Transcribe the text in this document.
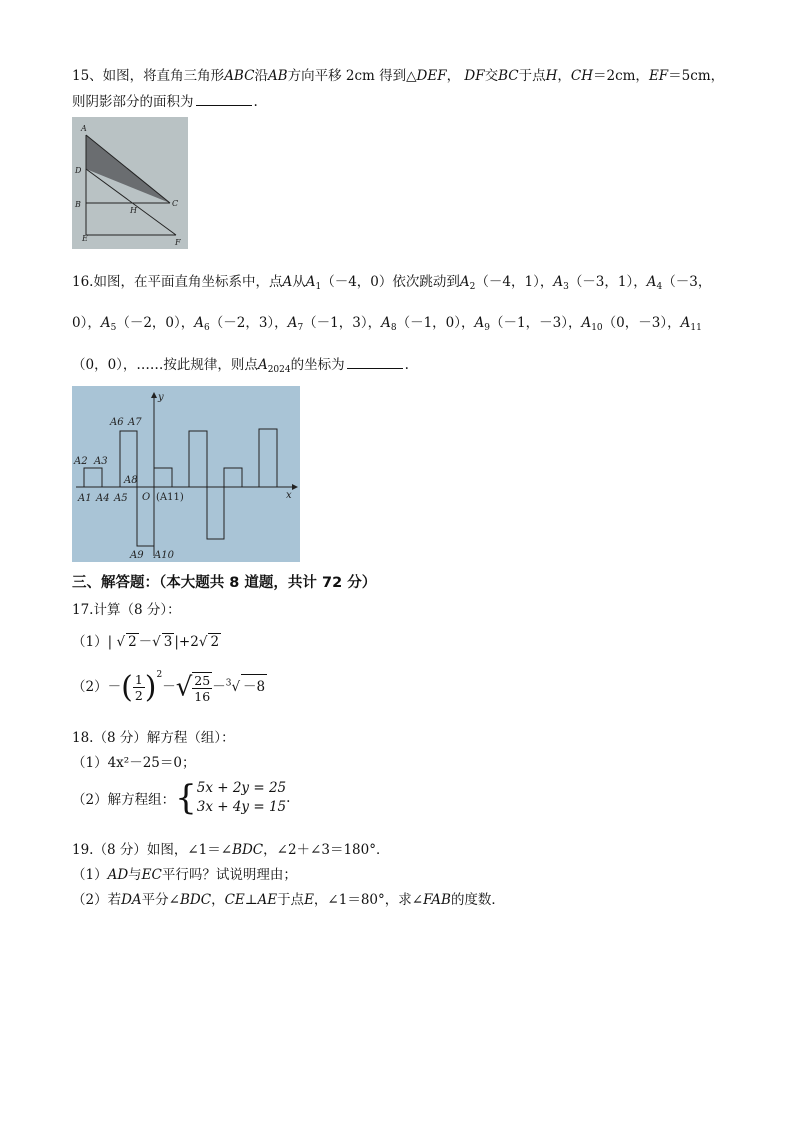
15、如图，将直角三角形ABC沿AB方向平移 2cm 得到△DEF， DF交BC于点H，CH＝2cm，EF＝5cm，
则阴影部分的面积为	.
A
D
B
E
H
C
F
16.如图，在平面直角坐标系中，点A从$A_1(-4$，0）依次跳动到$A_2(-4$，1），$A_3(-3$，1），$A_4(-3$，
0），$A_5(-2$，0），$A_6(-2$，3），$A_7(-1$，3），$A_8(-1$，0），$A_9(-1$，－3），$A_{10}(0$，－3），$A_{11}$
（0，0），……按此规律，则点$A_{2024}$的坐标为	.
y
x
O (A11)
A2 A3
A1 A4 A5
A6 A7
A8
A9 A10
三、解答题：（本大题共 8 道题，共计 72 分）
17.计算（8 分）：
（1）| √ 2 －√ 3 |+2√ 2
$(2)-( \frac{1}{2} )^2-√ \frac{25}{16} -^3√ -8$
18.（8 分）解方程（组）：
（1）4x²－25＝0；
（2）解方程组：{ 5x + 2y = 25
3x + 4y = 15
.
19.（8 分）如图，∠1＝∠BDC，∠2＋∠3＝180°．
（1）AD与EC平行吗？试说明理由；
（2）若DA平分∠BDC，CE⊥AE于点E，∠1＝80°，求∠FAB的度数．
